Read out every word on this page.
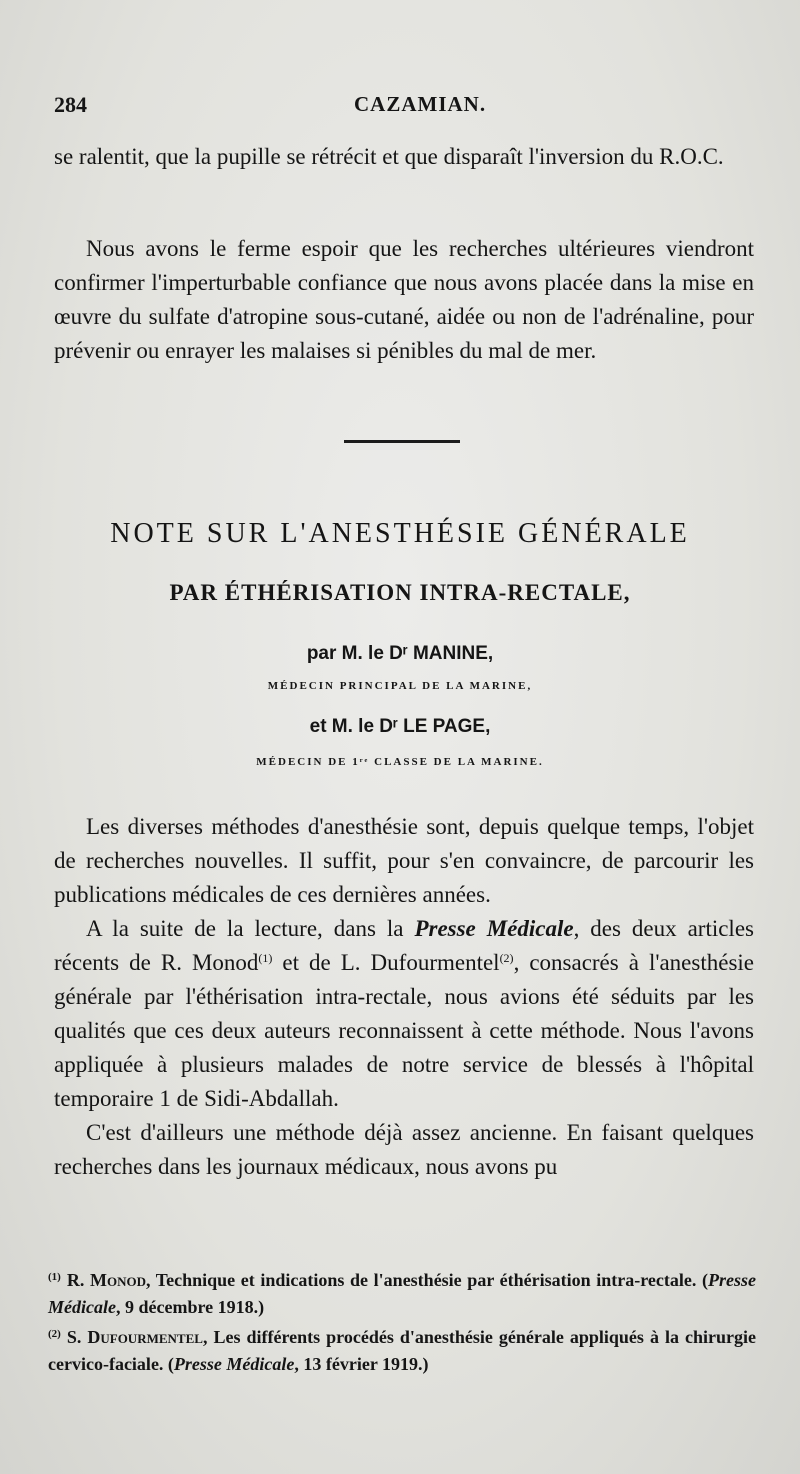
284	CAZAMIAN.

se ralentit, que la pupille se rétrécit et que disparaît l'inversion du R.O.C.

Nous avons le ferme espoir que les recherches ultérieures viendront confirmer l'imperturbable confiance que nous avons placée dans la mise en œuvre du sulfate d'atropine sous-cutané, aidée ou non de l'adrénaline, pour prévenir ou enrayer les malaises si pénibles du mal de mer.

NOTE SUR L'ANESTHÉSIE GÉNÉRALE
PAR ÉTHÉRISATION INTRA-RECTALE,

par M. le Dʳ MANINE,

MÉDECIN PRINCIPAL DE LA MARINE,

et M. le Dʳ LE PAGE,

MÉDECIN DE 1ʳᵉ CLASSE DE LA MARINE.

Les diverses méthodes d'anesthésie sont, depuis quelque temps, l'objet de recherches nouvelles. Il suffit, pour s'en convaincre, de parcourir les publications médicales de ces dernières années.

A la suite de la lecture, dans la Presse Médicale, des deux articles récents de R. Monod$^{(1)}$ et de L. Dufourmentel$^{(2)}$, consacrés à l'anesthésie générale par l'éthérisation intra-rectale, nous avions été séduits par les qualités que ces deux auteurs reconnaissent à cette méthode. Nous l'avons appliquée à plusieurs malades de notre service de blessés à l'hôpital temporaire 1 de Sidi-Abdallah.

C'est d'ailleurs une méthode déjà assez ancienne. En faisant quelques recherches dans les journaux médicaux, nous avons pu

$^{(1)}$ R. Monod, Technique et indications de l'anesthésie par éthérisation intra-rectale. (Presse Médicale, 9 décembre 1918.)

$^{(2)}$ S. Dufourmentel, Les différents procédés d'anesthésie générale appliqués à la chirurgie cervico-faciale. (Presse Médicale, 13 février 1919.)
